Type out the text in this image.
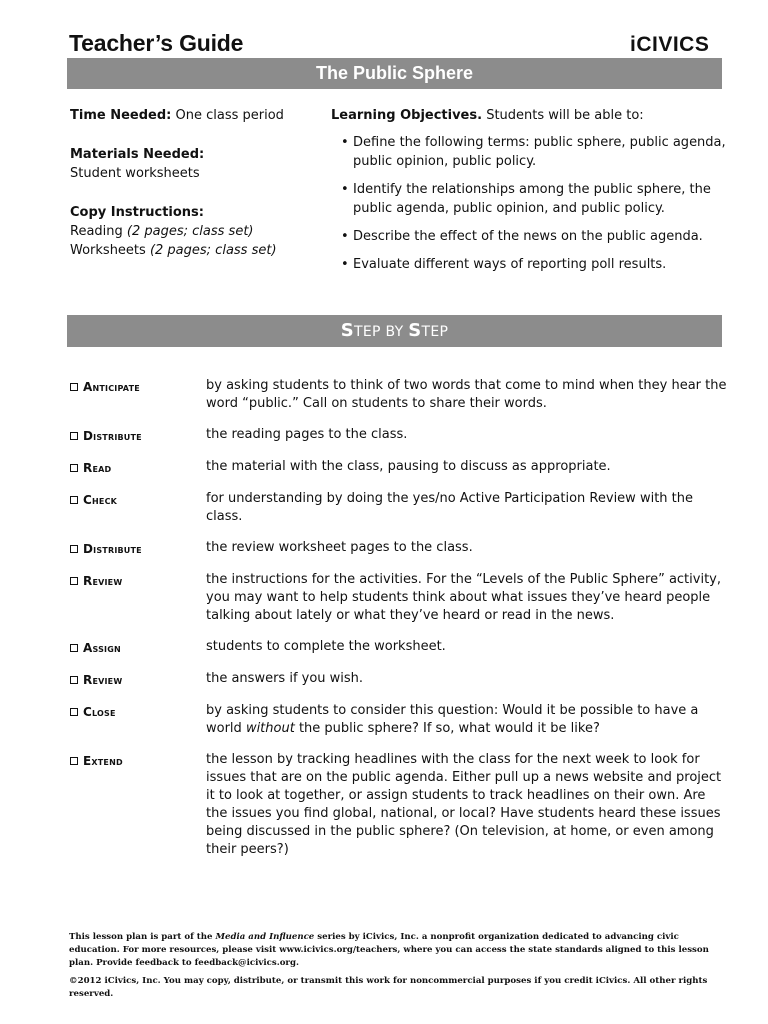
Teacher’s Guide	iCIVICS
The Public Sphere
Time Needed: One class period
Materials Needed:
Student worksheets
Copy Instructions:
Reading (2 pages; class set)
Worksheets (2 pages; class set)
Learning Objectives. Students will be able to:
• Define the following terms: public sphere, public agenda, public opinion, public policy.
• Identify the relationships among the public sphere, the public agenda, public opinion, and public policy.
• Describe the effect of the news on the public agenda.
• Evaluate different ways of reporting poll results.
STEP BY STEP
Anticipate	by asking students to think of two words that come to mind when they hear the word “public.” Call on students to share their words.
Distribute	the reading pages to the class.
Read	the material with the class, pausing to discuss as appropriate.
Check	for understanding by doing the yes/no Active Participation Review with the class.
Distribute	the review worksheet pages to the class.
Review	the instructions for the activities. For the “Levels of the Public Sphere” activity, you may want to help students think about what issues they’ve heard people talking about lately or what they’ve heard or read in the news.
Assign	students to complete the worksheet.
Review	the answers if you wish.
Close	by asking students to consider this question: Would it be possible to have a world without the public sphere? If so, what would it be like?
Extend	the lesson by tracking headlines with the class for the next week to look for issues that are on the public agenda. Either pull up a news website and project it to look at together, or assign students to track headlines on their own. Are the issues you find global, national, or local? Have students heard these issues being discussed in the public sphere? (On television, at home, or even among their peers?)
This lesson plan is part of the Media and Influence series by iCivics, Inc. a nonprofit organization dedicated to advancing civic education. For more resources, please visit www.icivics.org/teachers, where you can access the state standards aligned to this lesson plan. Provide feedback to feedback@icivics.org.
©2012 iCivics, Inc. You may copy, distribute, or transmit this work for noncommercial purposes if you credit iCivics. All other rights reserved.
